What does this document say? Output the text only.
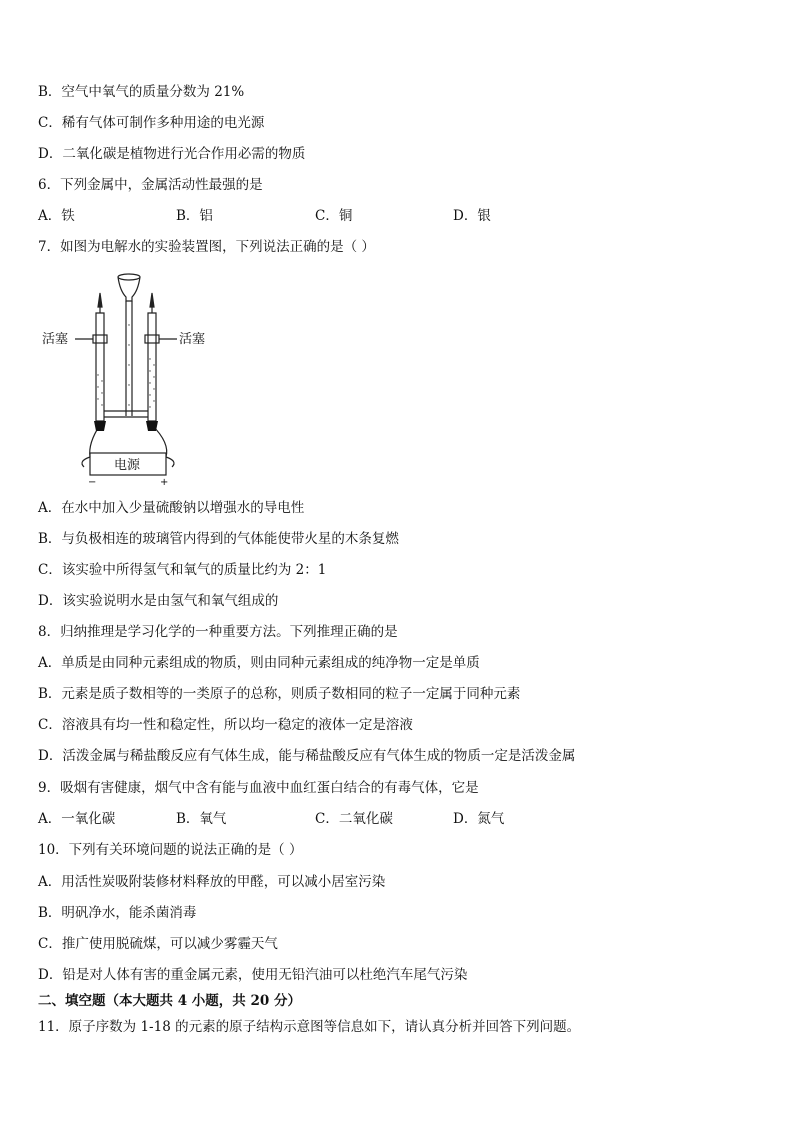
B．空气中氧气的质量分数为 21%
C．稀有气体可制作多种用途的电光源
D．二氧化碳是植物进行光合作用必需的物质
6．下列金属中，金属活动性最强的是
A．铁	B．铝	C．铜	D．银
7．如图为电解水的实验装置图，下列说法正确的是（ ）
活塞	活塞
电源
−	+
A．在水中加入少量硫酸钠以增强水的导电性
B．与负极相连的玻璃管内得到的气体能使带火星的木条复燃
C．该实验中所得氢气和氧气的质量比约为 2：1
D．该实验说明水是由氢气和氧气组成的
8．归纳推理是学习化学的一种重要方法。下列推理正确的是
A．单质是由同种元素组成的物质，则由同种元素组成的纯净物一定是单质
B．元素是质子数相等的一类原子的总称，则质子数相同的粒子一定属于同种元素
C．溶液具有均一性和稳定性，所以均一稳定的液体一定是溶液
D．活泼金属与稀盐酸反应有气体生成，能与稀盐酸反应有气体生成的物质一定是活泼金属
9．吸烟有害健康，烟气中含有能与血液中血红蛋白结合的有毒气体，它是
A．一氧化碳	B．氧气	C．二氧化碳	D．氮气
10．下列有关环境问题的说法正确的是（ ）
A．用活性炭吸附装修材料释放的甲醛，可以减小居室污染
B．明矾净水，能杀菌消毒
C．推广使用脱硫煤，可以减少雾霾天气
D．铅是对人体有害的重金属元素，使用无铅汽油可以杜绝汽车尾气污染
二、填空题（本大题共 4 小题，共 20 分）
11．原子序数为 1-18 的元素的原子结构示意图等信息如下，请认真分析并回答下列问题。
